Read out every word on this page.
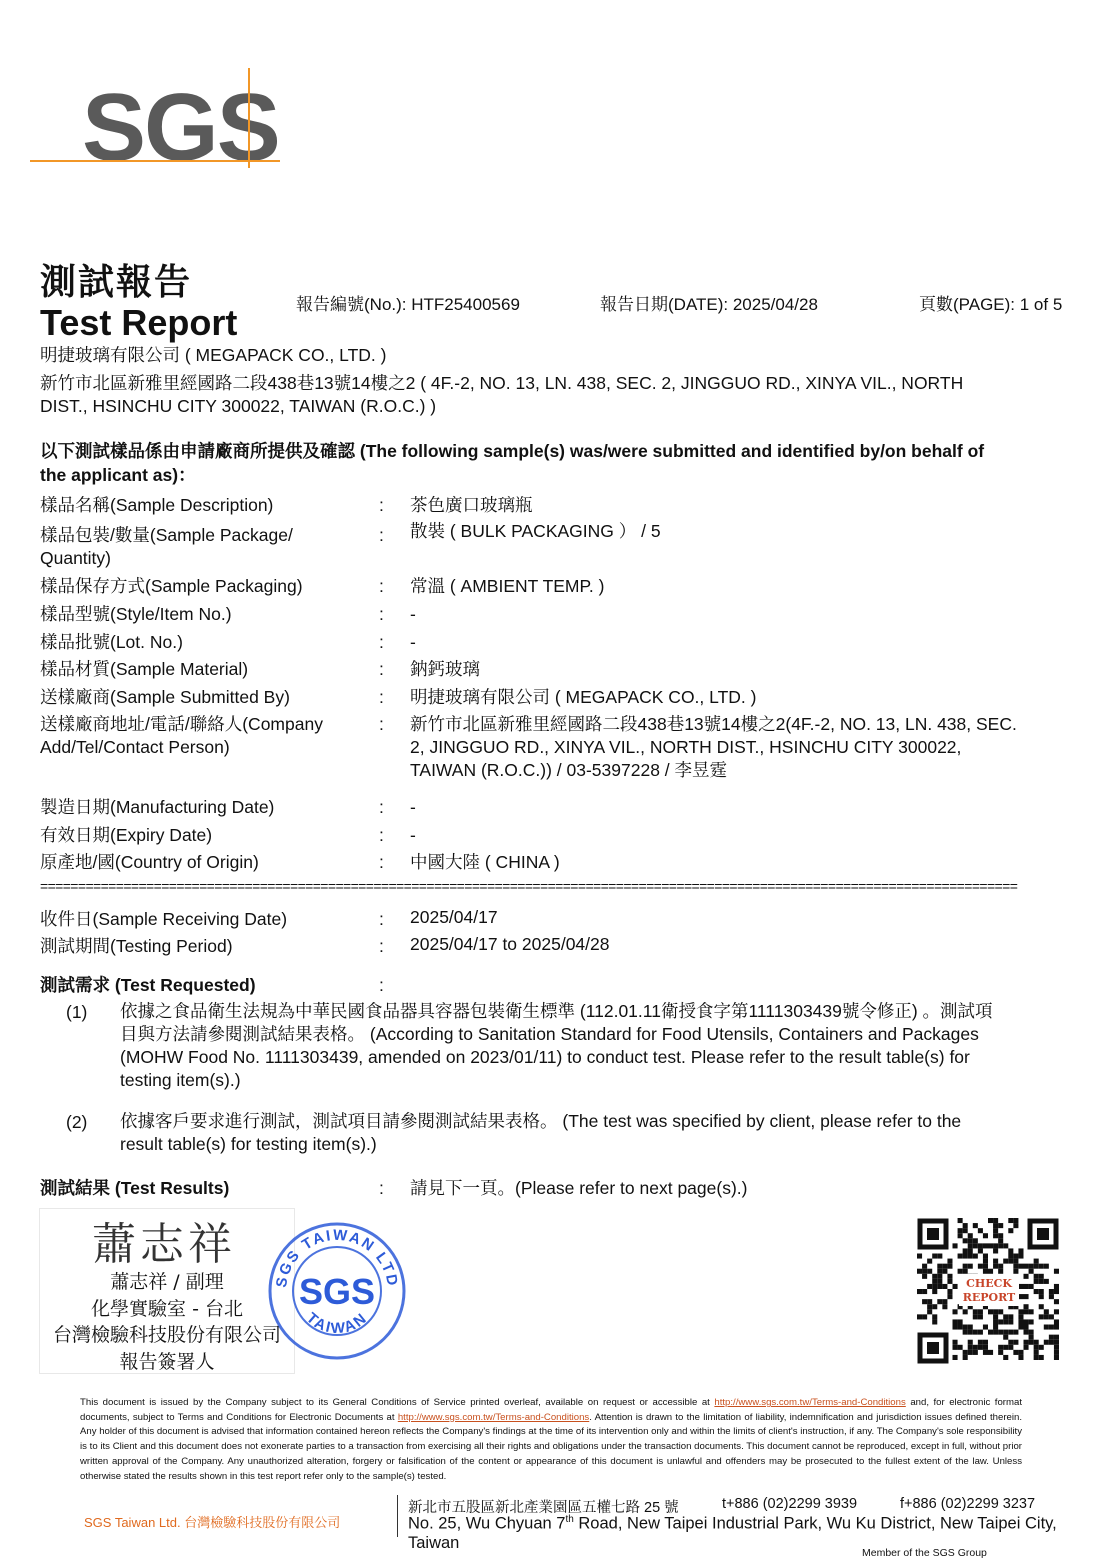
SGS
測試報告
Test Report	報告編號(No.): HTF25400569	報告日期(DATE): 2025/04/28	頁數(PAGE): 1 of 5
明捷玻璃有限公司 ( MEGAPACK CO., LTD. )
新竹市北區新雅里經國路二段438巷13號14樓之2 ( 4F.-2, NO. 13, LN. 438, SEC. 2, JINGGUO RD., XINYA VIL., NORTH
DIST., HSINCHU CITY 300022, TAIWAN (R.O.C.) )
以下測試樣品係由申請廠商所提供及確認 (The following sample(s) was/were submitted and identified by/on behalf of
the applicant as)：
樣品名稱(Sample Description)	: 茶色廣口玻璃瓶
樣品包裝/數量(Sample Package/
Quantity)
: 散裝 ( BULK PACKAGING ） / 5
樣品保存方式(Sample Packaging)	: 常溫 ( AMBIENT TEMP. )
樣品型號(Style/Item No.)	: -
樣品批號(Lot. No.)	: -
樣品材質(Sample Material)	: 鈉鈣玻璃
送樣廠商(Sample Submitted By)	: 明捷玻璃有限公司 ( MEGAPACK CO., LTD. )
送樣廠商地址/電話/聯絡人(Company
Add/Tel/Contact Person)
: 新竹市北區新雅里經國路二段438巷13號14樓之2(4F.-2, NO. 13, LN. 438, SEC.
2, JINGGUO RD., XINYA VIL., NORTH DIST., HSINCHU CITY 300022,
TAIWAN (R.O.C.)) / 03-5397228 / 李昱霆
製造日期(Manufacturing Date)	: -
有效日期(Expiry Date)	: -
原產地/國(Country of Origin)	: 中國大陸 ( CHINA )
=================================================================================================================================
收件日(Sample Receiving Date)	: 2025/04/17
測試期間(Testing Period)	: 2025/04/17 to 2025/04/28
測試需求 (Test Requested)	:
(1) 依據之食品衛生法規為中華民國食品器具容器包裝衛生標準 (112.01.11衛授食字第1111303439號令修正) 。測試項
目與方法請參閱測試結果表格。 (According to Sanitation Standard for Food Utensils, Containers and Packages
(MOHW Food No. 1111303439, amended on 2023/01/11) to conduct test. Please refer to the result table(s) for
testing item(s).)
(2) 依據客戶要求進行測試，測試項目請參閱測試結果表格。 (The test was specified by client, please refer to the
result table(s) for testing item(s).)
測試結果 (Test Results)	: 請見下一頁。(Please refer to next page(s).)
蕭志祥
蕭志祥 / 副理
化學實驗室 - 台北
台灣檢驗科技股份有限公司
報告簽署人
SGS TAIWAN LTD
SGS
TAIWAN
CHECK
REPORT
This document is issued by the Company subject to its General Conditions of Service printed overleaf, available on request or accessible at http://www.sgs.com.tw/Terms-and-Conditions and, for electronic format documents, subject to Terms and Conditions for Electronic Documents at http://www.sgs.com.tw/Terms-and-Conditions. Attention is drawn to the limitation of liability, indemnification and jurisdiction issues defined therein. Any holder of this document is advised that information contained hereon reflects the Company's findings at the time of its intervention only and within the limits of client's instruction, if any. The Company's sole responsibility is to its Client and this document does not exonerate parties to a transaction from exercising all their rights and obligations under the transaction documents. This document cannot be reproduced, except in full, without prior written approval of the Company. Any unauthorized alteration, forgery or falsification of the content or appearance of this document is unlawful and offenders may be prosecuted to the fullest extent of the law. Unless otherwise stated the results shown in this test report refer only to the sample(s) tested.
SGS Taiwan Ltd. 台灣檢驗科技股份有限公司
新北市五股區新北產業園區五權七路 25 號	t+886 (02)2299 3939	f+886 (02)2299 3237
No. 25, Wu Chyuan 7th Road, New Taipei Industrial Park, Wu Ku District, New Taipei City, Taiwan
Member of the SGS Group
